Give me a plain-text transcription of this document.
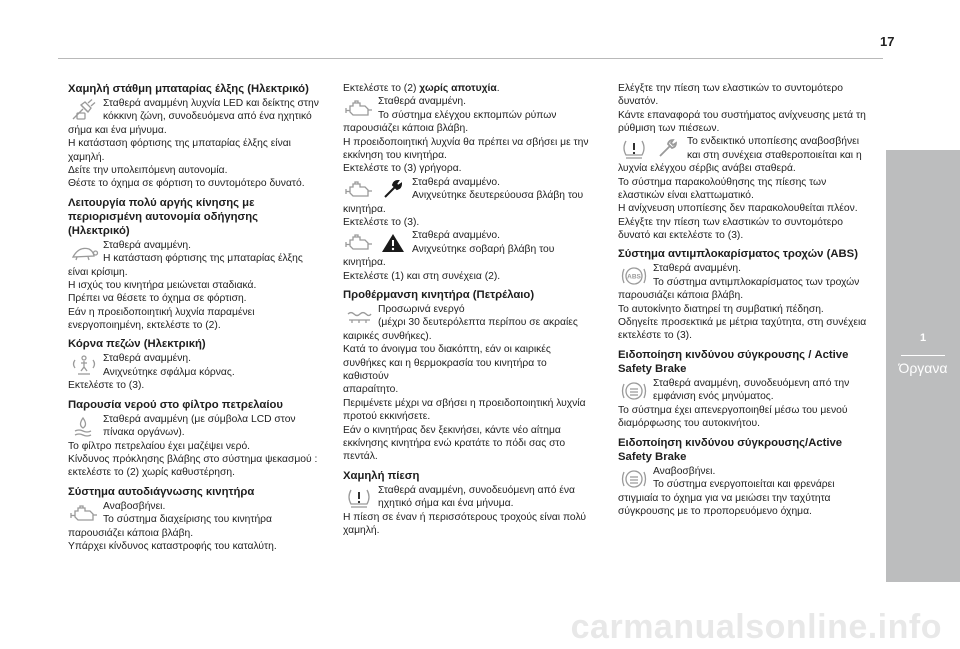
17
1
Όργανα
Χαμηλή στάθμη μπαταρίας έλξης (Ηλεκτρικό)
Σταθερά αναμμένη λυχνία LED και δείκτης στην
κόκκινη ζώνη, συνοδευόμενα από ένα ηχητικό
σήμα και ένα μήνυμα.
Η κατάσταση φόρτισης της μπαταρίας έλξης είναι
χαμηλή.
Δείτε την υπολειπόμενη αυτονομία.
Θέστε το όχημα σε φόρτιση το συντομότερο δυνατό.
Λειτουργία πολύ αργής κίνησης με
περιορισμένη αυτονομία οδήγησης (Ηλεκτρικό)
Σταθερά αναμμένη.
Η κατάσταση φόρτισης της μπαταρίας έλξης
είναι κρίσιμη.
Η ισχύς του κινητήρα μειώνεται σταδιακά.
Πρέπει να θέσετε το όχημα σε φόρτιση.
Εάν η προειδοποιητική λυχνία παραμένει
ενεργοποιημένη, εκτελέστε το (2).
Κόρνα πεζών (Ηλεκτρική)
Σταθερά αναμμένη.
Ανιχνεύτηκε σφάλμα κόρνας.
Εκτελέστε το (3).
Παρουσία νερού στο φίλτρο πετρελαίου
Σταθερά αναμμένη (με σύμβολα LCD στον
πίνακα οργάνων).
Το φίλτρο πετρελαίου έχει μαζέψει νερό.
Κίνδυνος πρόκλησης βλάβης στο σύστημα ψεκασμού :
εκτελέστε το (2) χωρίς καθυστέρηση.
Σύστημα αυτοδιάγνωσης κινητήρα
Αναβοσβήνει.
Το σύστημα διαχείρισης του κινητήρα
παρουσιάζει κάποια βλάβη.
Υπάρχει κίνδυνος καταστροφής του καταλύτη.
Εκτελέστε το (2) χωρίς αποτυχία.
Σταθερά αναμμένη.
Το σύστημα ελέγχου εκπομπών ρύπων
παρουσιάζει κάποια βλάβη.
Η προειδοποιητική λυχνία θα πρέπει να σβήσει με την
εκκίνηση του κινητήρα.
Εκτελέστε το (3) γρήγορα.
Σταθερά αναμμένο.
Ανιχνεύτηκε δευτερεύουσα βλάβη του
κινητήρα.
Εκτελέστε το (3).
Σταθερά αναμμένο.
Ανιχνεύτηκε σοβαρή βλάβη του
κινητήρα.
Εκτελέστε (1) και στη συνέχεια (2).
Προθέρμανση κινητήρα (Πετρέλαιο)
Προσωρινά ενεργό
(μέχρι 30 δευτερόλεπτα περίπου σε ακραίες
καιρικές συνθήκες).
Κατά το άνοιγμα του διακόπτη, εάν οι καιρικές
συνθήκες και η θερμοκρασία του κινητήρα το καθιστούν
απαραίτητο.
Περιμένετε μέχρι να σβήσει η προειδοποιητική λυχνία
προτού εκκινήσετε.
Εάν ο κινητήρας δεν ξεκινήσει, κάντε νέο αίτημα
εκκίνησης κινητήρα ενώ κρατάτε το πόδι σας στο
πεντάλ.
Χαμηλή πίεση
Σταθερά αναμμένη, συνοδευόμενη από ένα
ηχητικό σήμα και ένα μήνυμα.
Η πίεση σε έναν ή περισσότερους τροχούς είναι πολύ
χαμηλή.
Ελέγξτε την πίεση των ελαστικών το συντομότερο
δυνατόν.
Κάντε επαναφορά του συστήματος ανίχνευσης μετά τη
ρύθμιση των πιέσεων.
Το ενδεικτικό υποπίεσης αναβοσβήνει
και στη συνέχεια σταθεροποιείται και η
λυχνία ελέγχου σέρβις ανάβει σταθερά.
Το σύστημα παρακολούθησης της πίεσης των
ελαστικών είναι ελαττωματικό.
Η ανίχνευση υποπίεσης δεν παρακολουθείται πλέον.
Ελέγξτε την πίεση των ελαστικών το συντομότερο
δυνατό και εκτελέστε το (3).
Σύστημα αντιμπλοκαρίσματος τροχών (ABS)
ABS
Σταθερά αναμμένη.
Το σύστημα αντιμπλοκαρίσματος των τροχών
παρουσιάζει κάποια βλάβη.
Το αυτοκίνητο διατηρεί τη συμβατική πέδηση.
Οδηγείτε προσεκτικά με μέτρια ταχύτητα, στη συνέχεια
εκτελέστε το (3).
Ειδοποίηση κινδύνου σύγκρουσης / Active
Safety Brake
Σταθερά αναμμένη, συνοδευόμενη από την
εμφάνιση ενός μηνύματος.
Το σύστημα έχει απενεργοποιηθεί μέσω του μενού
διαμόρφωσης του αυτοκινήτου.
Ειδοποίηση κινδύνου σύγκρουσης/Active
Safety Brake
Αναβοσβήνει.
Το σύστημα ενεργοποιείται και φρενάρει
στιγμιαία το όχημα για να μειώσει την ταχύτητα
σύγκρουσης με το προπορευόμενο όχημα.
carmanualsonline.info
